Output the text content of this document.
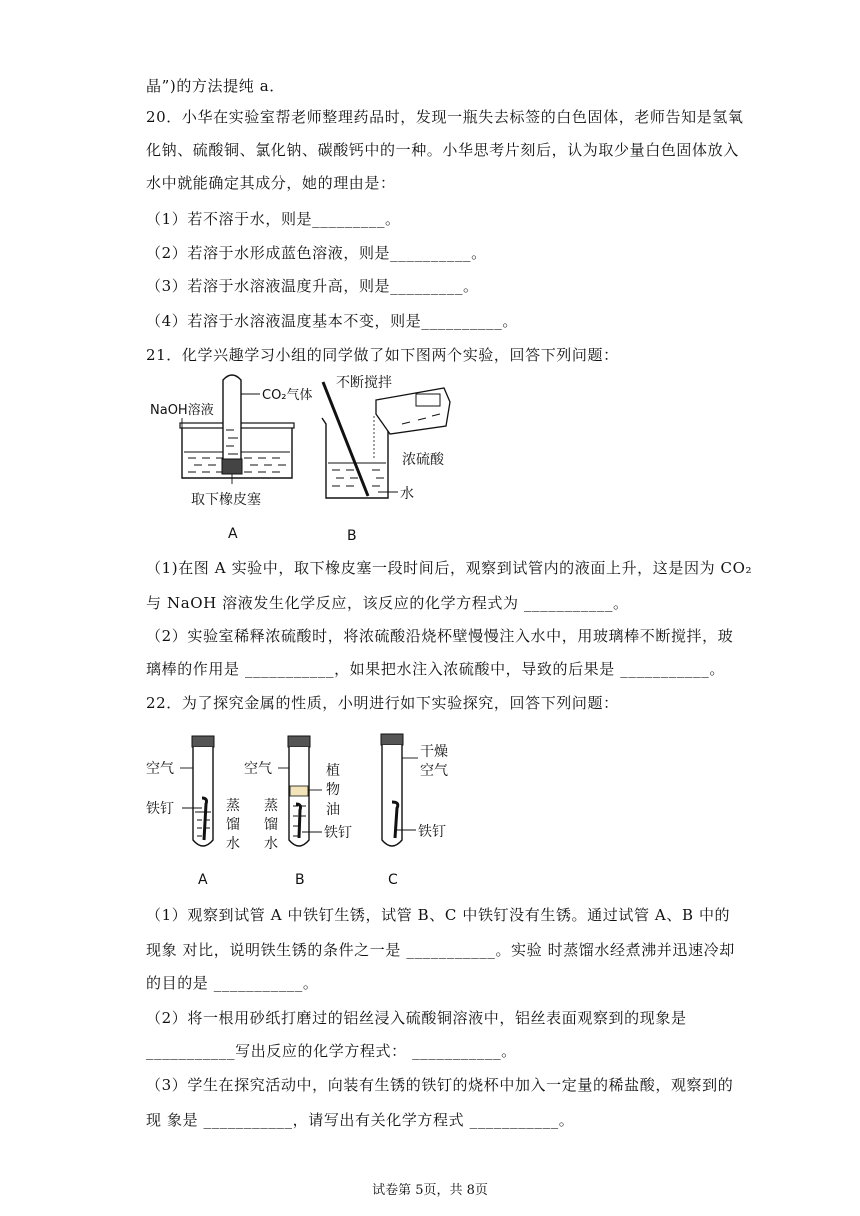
晶”)的方法提纯 a．
20．小华在实验室帮老师整理药品时，发现一瓶失去标签的白色固体，老师告知是氢氧
化钠、硫酸铜、氯化钠、碳酸钙中的一种。小华思考片刻后，认为取少量白色固体放入
水中就能确定其成分，她的理由是：
（1）若不溶于水，则是_________。
（2）若溶于水形成蓝色溶液，则是__________。
（3）若溶于水溶液温度升高，则是_________。
（4）若溶于水溶液温度基本不变，则是__________。
21．化学兴趣学习小组的同学做了如下图两个实验，回答下列问题：
NaOH溶液
CO₂气体
取下橡皮塞
A
不断搅拌
浓硫酸
水
B
（1)在图 A 实验中，取下橡皮塞一段时间后，观察到试管内的液面上升，这是因为 CO₂
与 NaOH 溶液发生化学反应，该反应的化学方程式为 ___________。
（2）实验室稀释浓硫酸时，将浓硫酸沿烧杯壁慢慢注入水中，用玻璃棒不断搅拌，玻
璃棒的作用是 ___________，如果把水注入浓硫酸中，导致的后果是 ___________。
22．为了探究金属的性质，小明进行如下实验探究，回答下列问题：
空气
铁钉	蒸
馏
水
A
空气
蒸
馏
水
植
物
油
铁钉
B
干燥
空气
铁钉
C
（1）观察到试管 A 中铁钉生锈，试管 B、C 中铁钉没有生锈。通过试管 A、B 中的
现象 对比，说明铁生锈的条件之一是 ___________。实验 时蒸馏水经煮沸并迅速冷却
的目的是 ___________。
（2）将一根用砂纸打磨过的铝丝浸入硫酸铜溶液中，铝丝表面观察到的现象是
___________写出反应的化学方程式： ___________。
（3）学生在探究活动中，向装有生锈的铁钉的烧杯中加入一定量的稀盐酸，观察到的
现 象是 ___________，请写出有关化学方程式 ___________。
试卷第 5页，共 8页
